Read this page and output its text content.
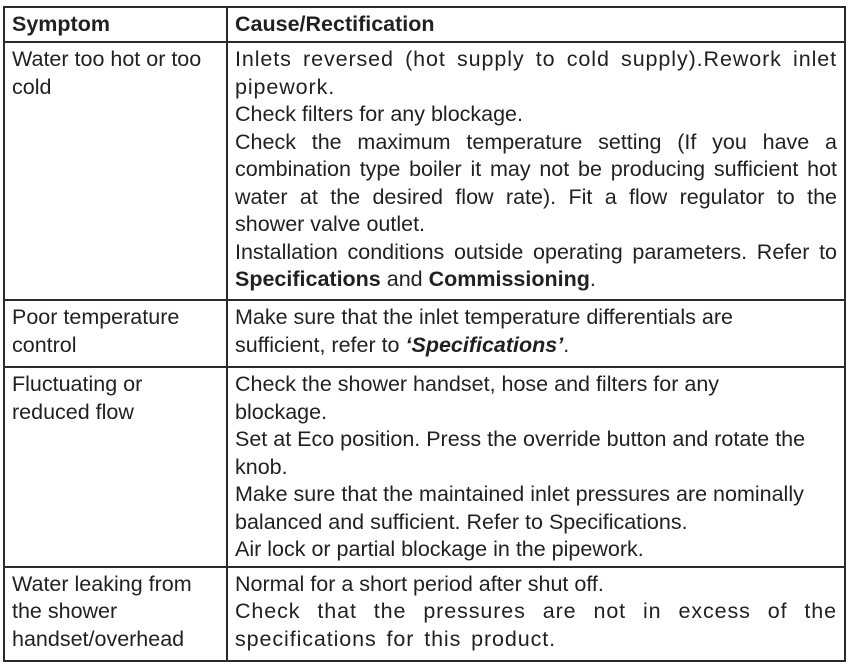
Symptom	Cause/Rectification
Water too hot or too cold	Inlets reversed (hot supply to cold supply).Rework inlet pipework.
Check filters for any blockage.
Check the maximum temperature setting (If you have a combination type boiler it may not be producing sufficient hot water at the desired flow rate). Fit a flow regulator to the shower valve outlet.
Installation conditions outside operating parameters. Refer to Specifications and Commissioning.

Poor temperature control	Make sure that the inlet temperature differentials are sufficient, refer to ‘Specifications’.

Fluctuating or reduced flow	Check the shower handset, hose and filters for any blockage.
Set at Eco position. Press the override button and rotate the knob.
Make sure that the maintained inlet pressures are nominally balanced and sufficient. Refer to Specifications.
Air lock or partial blockage in the pipework.

Water leaking from the shower handset/overhead	Normal for a short period after shut off.
Check that the pressures are not in excess of the specifications for this product.
